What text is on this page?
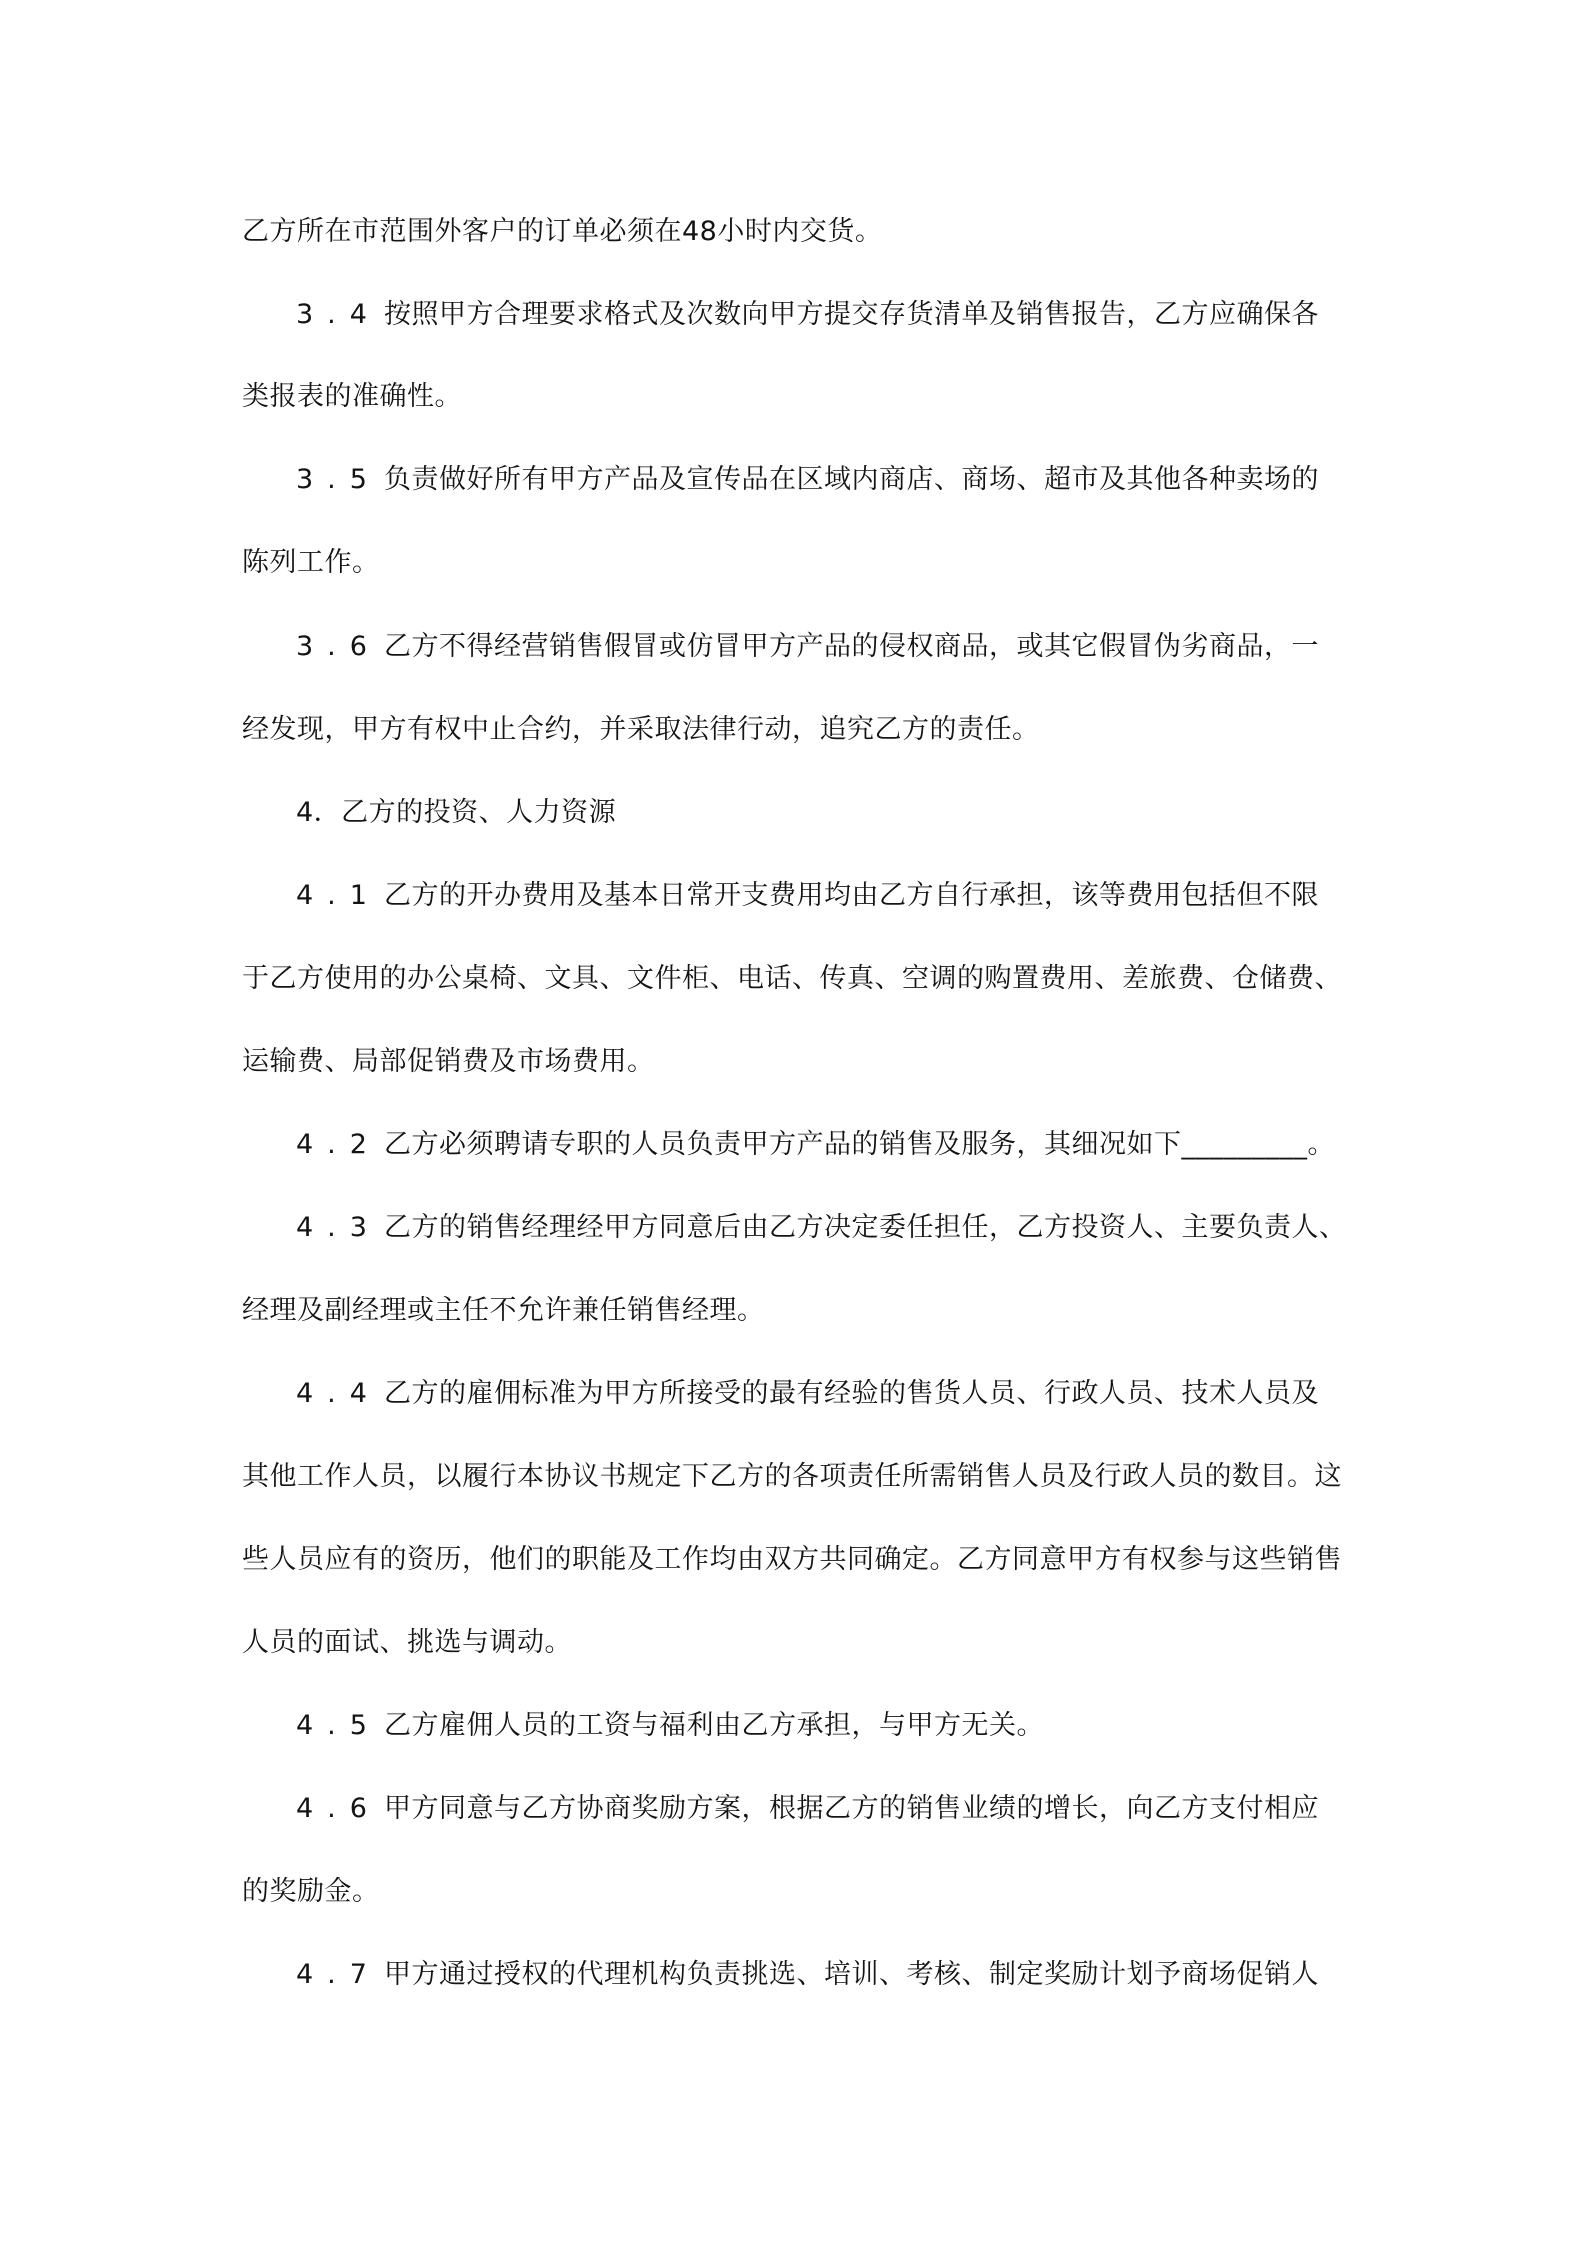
乙方所在市范围外客户的订单必须在48小时内交货。
3.4 按照甲方合理要求格式及次数向甲方提交存货清单及销售报告，乙方应确保各
类报表的准确性。
3.5 负责做好所有甲方产品及宣传品在区域内商店、商场、超市及其他各种卖场的
陈列工作。
3.6 乙方不得经营销售假冒或仿冒甲方产品的侵权商品，或其它假冒伪劣商品，一
经发现，甲方有权中止合约，并采取法律行动，追究乙方的责任。
4．乙方的投资、人力资源
4.1 乙方的开办费用及基本日常开支费用均由乙方自行承担，该等费用包括但不限
于乙方使用的办公桌椅、文具、文件柜、电话、传真、空调的购置费用、差旅费、仓储费、
运输费、局部促销费及市场费用。
4.2 乙方必须聘请专职的人员负责甲方产品的销售及服务，其细况如下_________。
4.3 乙方的销售经理经甲方同意后由乙方决定委任担任，乙方投资人、主要负责人、
经理及副经理或主任不允许兼任销售经理。
4.4 乙方的雇佣标准为甲方所接受的最有经验的售货人员、行政人员、技术人员及
其他工作人员，以履行本协议书规定下乙方的各项责任所需销售人员及行政人员的数目。这
些人员应有的资历，他们的职能及工作均由双方共同确定。乙方同意甲方有权参与这些销售
人员的面试、挑选与调动。
4.5 乙方雇佣人员的工资与福利由乙方承担，与甲方无关。
4.6 甲方同意与乙方协商奖励方案，根据乙方的销售业绩的增长，向乙方支付相应
的奖励金。
4.7 甲方通过授权的代理机构负责挑选、培训、考核、制定奖励计划予商场促销人
